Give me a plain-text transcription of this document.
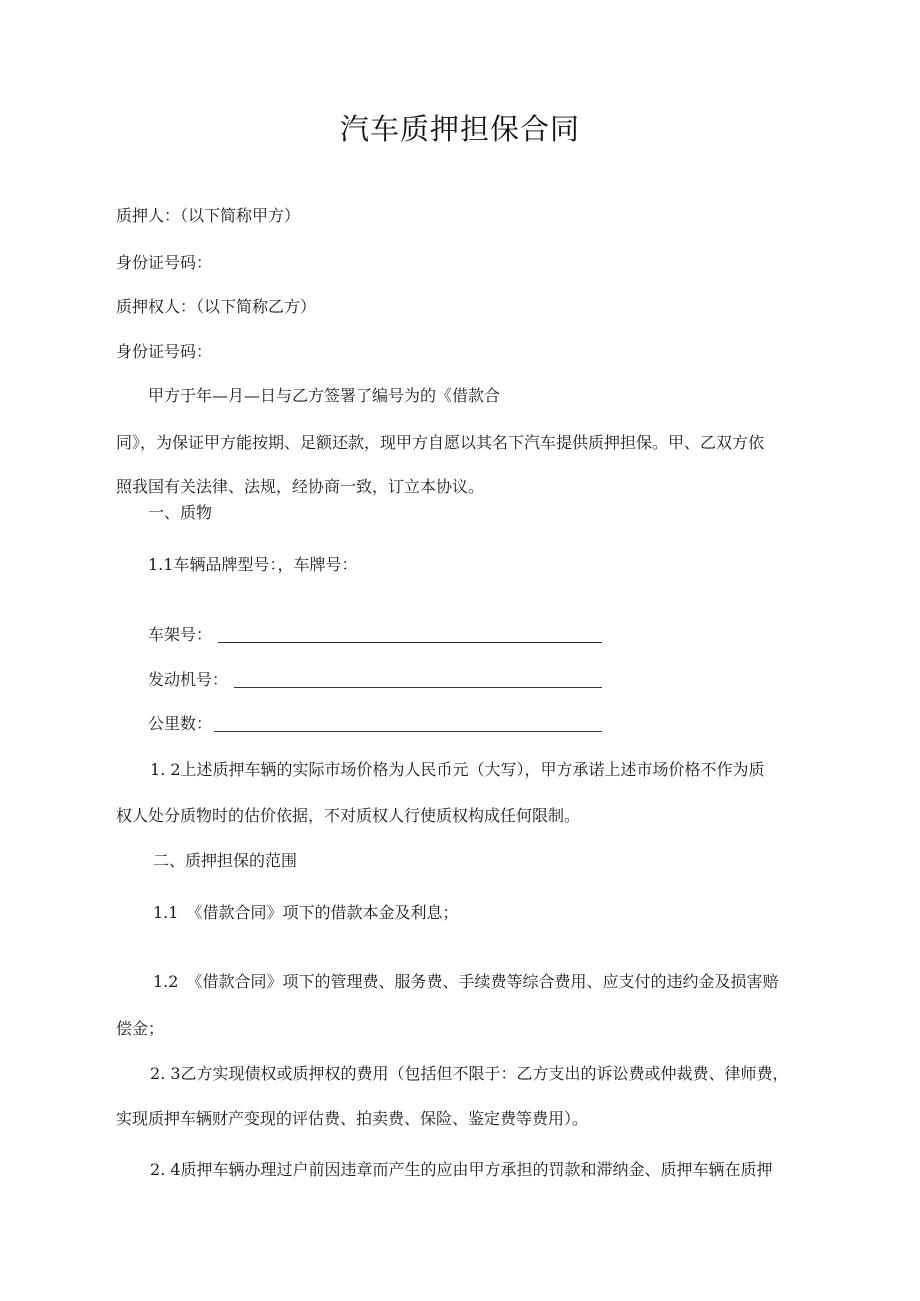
汽车质押担保合同
质押人：（以下简称甲方）
身份证号码：
质押权人：（以下简称乙方）
身份证号码：
甲方于年—月—日与乙方签署了编号为的《借款合
同》，为保证甲方能按期、足额还款，现甲方自愿以其名下汽车提供质押担保。甲、乙双方依
照我国有关法律、法规，经协商一致，订立本协议。
一、质物
1.1车辆品牌型号：，车牌号：
车架号：
发动机号：
公里数：
1. 2上述质押车辆的实际市场价格为人民币元（大写），甲方承诺上述市场价格不作为质
权人处分质物时的估价依据，不对质权人行使质权构成任何限制。
二、质押担保的范围
1.1　《借款合同》项下的借款本金及利息；
1.2　《借款合同》项下的管理费、服务费、手续费等综合费用、应支付的违约金及损害赔
偿金；
2. 3乙方实现债权或质押权的费用（包括但不限于：乙方支出的诉讼费或仲裁费、律师费，
实现质押车辆财产变现的评估费、拍卖费、保险、鉴定费等费用）。
2. 4质押车辆办理过户前因违章而产生的应由甲方承担的罚款和滞纳金、质押车辆在质押
